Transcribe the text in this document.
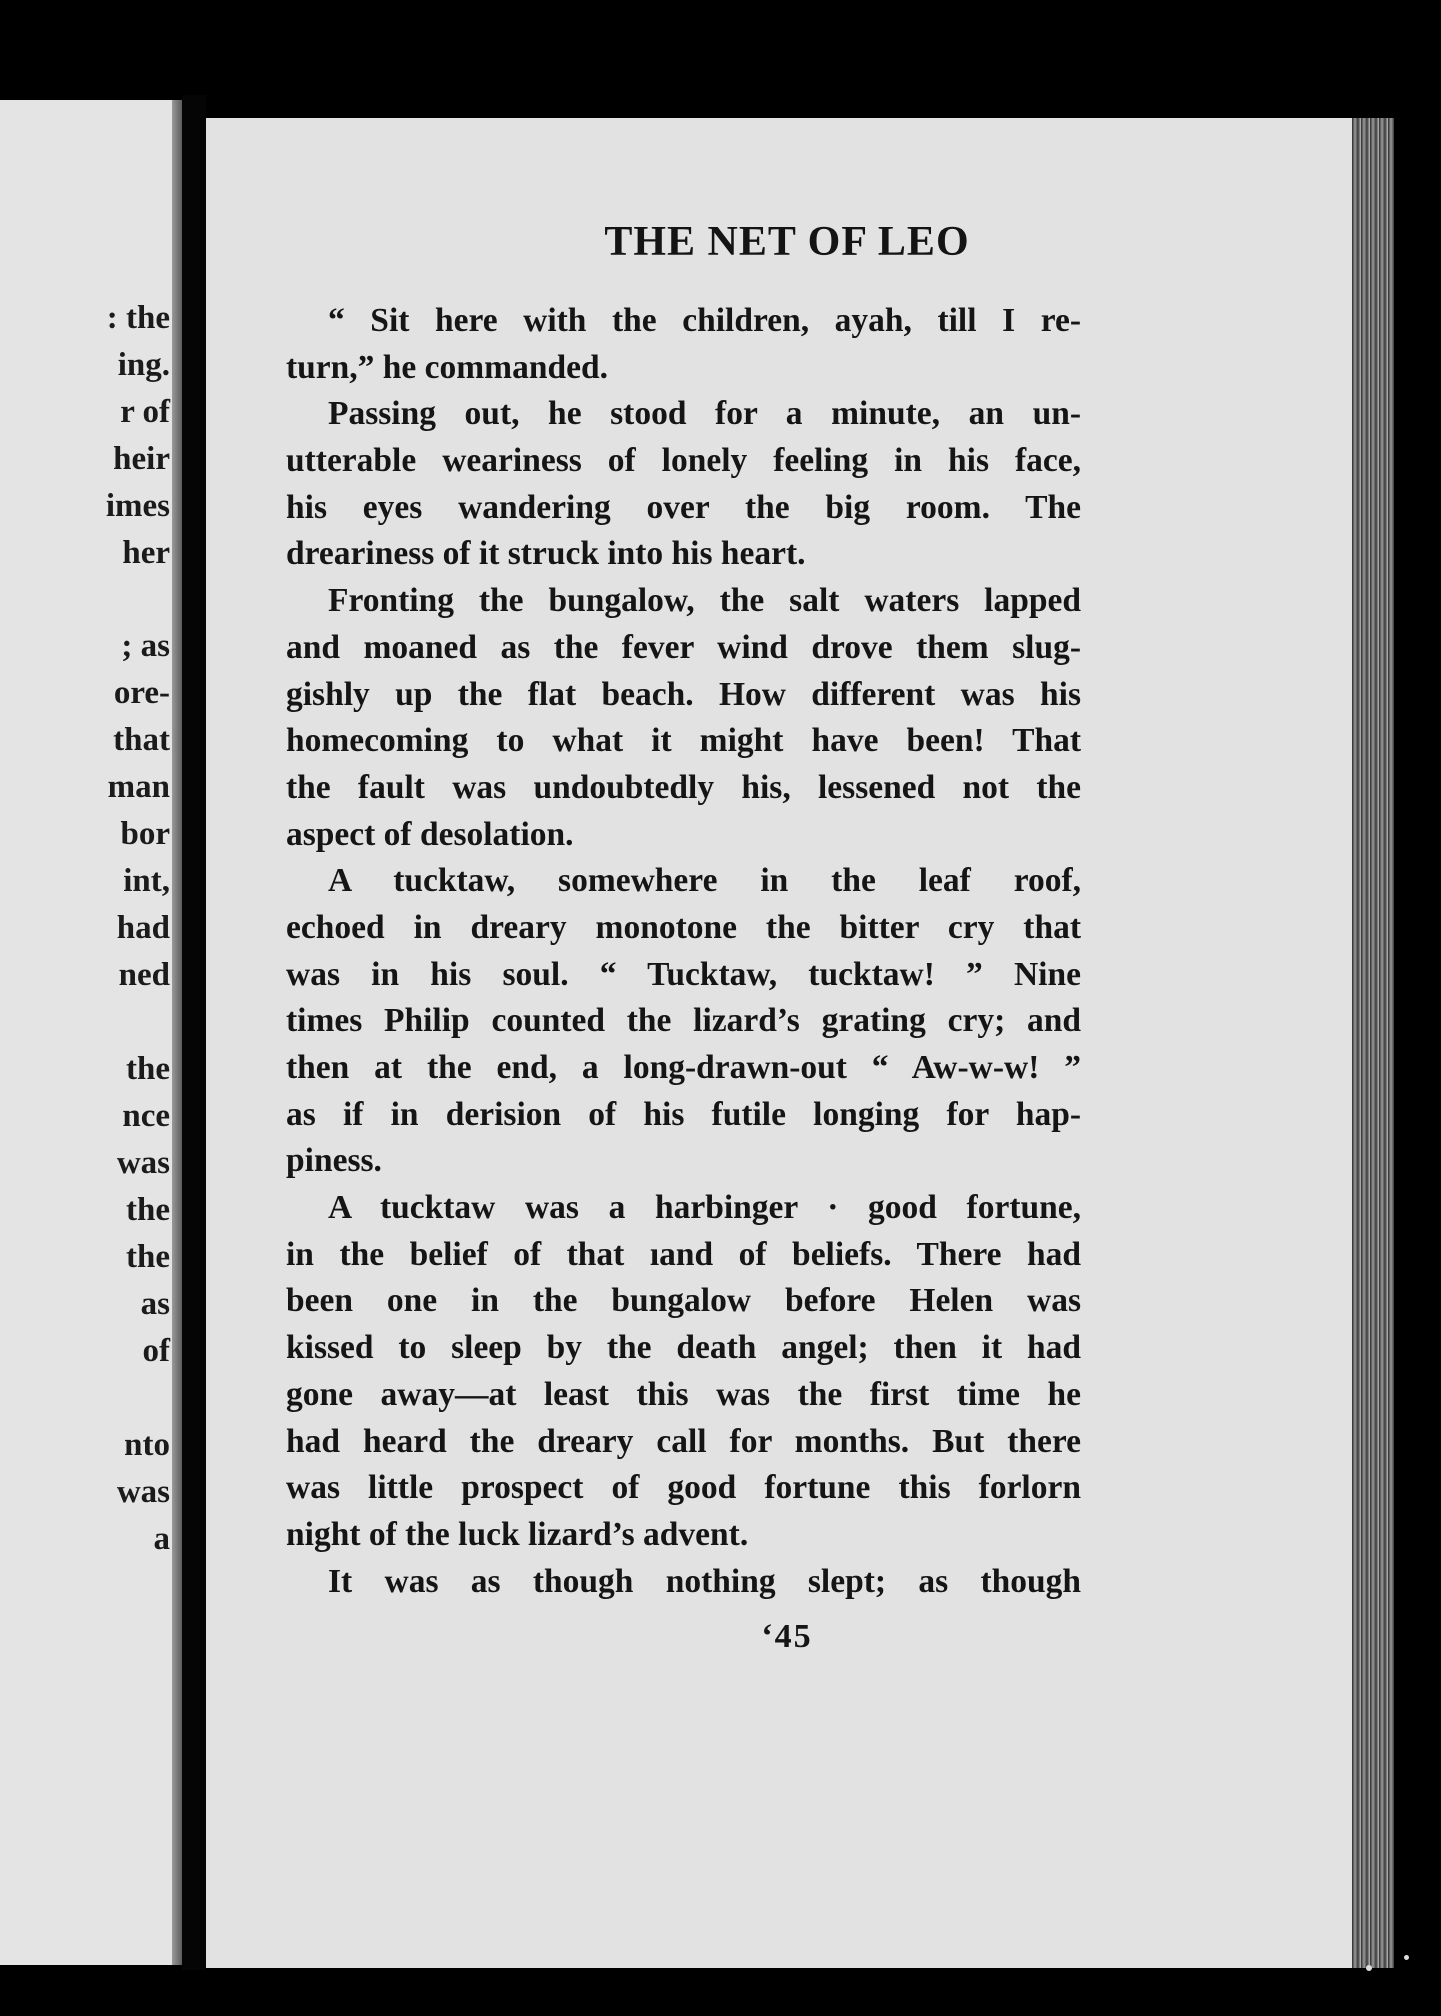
: the
ing.
r of
heir
imes
her
; as
ore-
that
man
bor
int,
had
ned
the
nce
was
the
the
as
of
nto
was
a
THE NET OF LEO
“ Sit here with the children, ayah, till I re-
turn,” he commanded.
Passing out, he stood for a minute, an un-
utterable weariness of lonely feeling in his face,
his eyes wandering over the big room. The
dreariness of it struck into his heart.
Fronting the bungalow, the salt waters lapped
and moaned as the fever wind drove them slug-
gishly up the flat beach. How different was his
homecoming to what it might have been! That
the fault was undoubtedly his, lessened not the
aspect of desolation.
A tucktaw, somewhere in the leaf roof,
echoed in dreary monotone the bitter cry that
was in his soul. “ Tucktaw, tucktaw! ” Nine
times Philip counted the lizard’s grating cry; and
then at the end, a long-drawn-out “ Aw-w-w! ”
as if in derision of his futile longing for hap-
piness.
A tucktaw was a harbinger · good fortune,
in the belief of that ıand of beliefs. There had
been one in the bungalow before Helen was
kissed to sleep by the death angel; then it had
gone away—at least this was the first time he
had heard the dreary call for months. But there
was little prospect of good fortune this forlorn
night of the luck lizard’s advent.
It was as though nothing slept; as though
‘45
